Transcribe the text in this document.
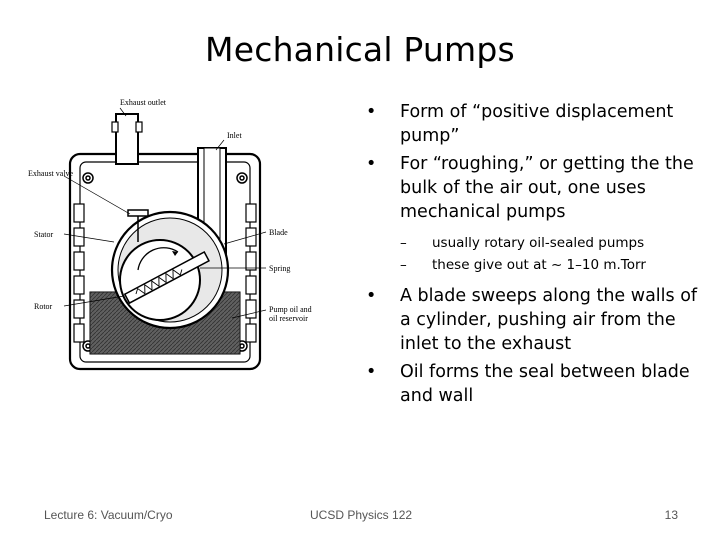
Mechanical Pumps
Exhaust outlet
Inlet
Exhaust valve
Blade
Stator
Spring
Rotor	Pump oil and
oil reservoir
• Form of “positive displacement pump”
• For “roughing,” or getting the the bulk of the air out, one uses mechanical pumps
– usually rotary oil-sealed pumps
– these give out at ~ 1–10 m.Torr
• A blade sweeps along the walls of a cylinder, pushing air from the inlet to the exhaust
• Oil forms the seal between blade and wall
Lecture 6: Vacuum/Cryo	UCSD Physics 122	13
